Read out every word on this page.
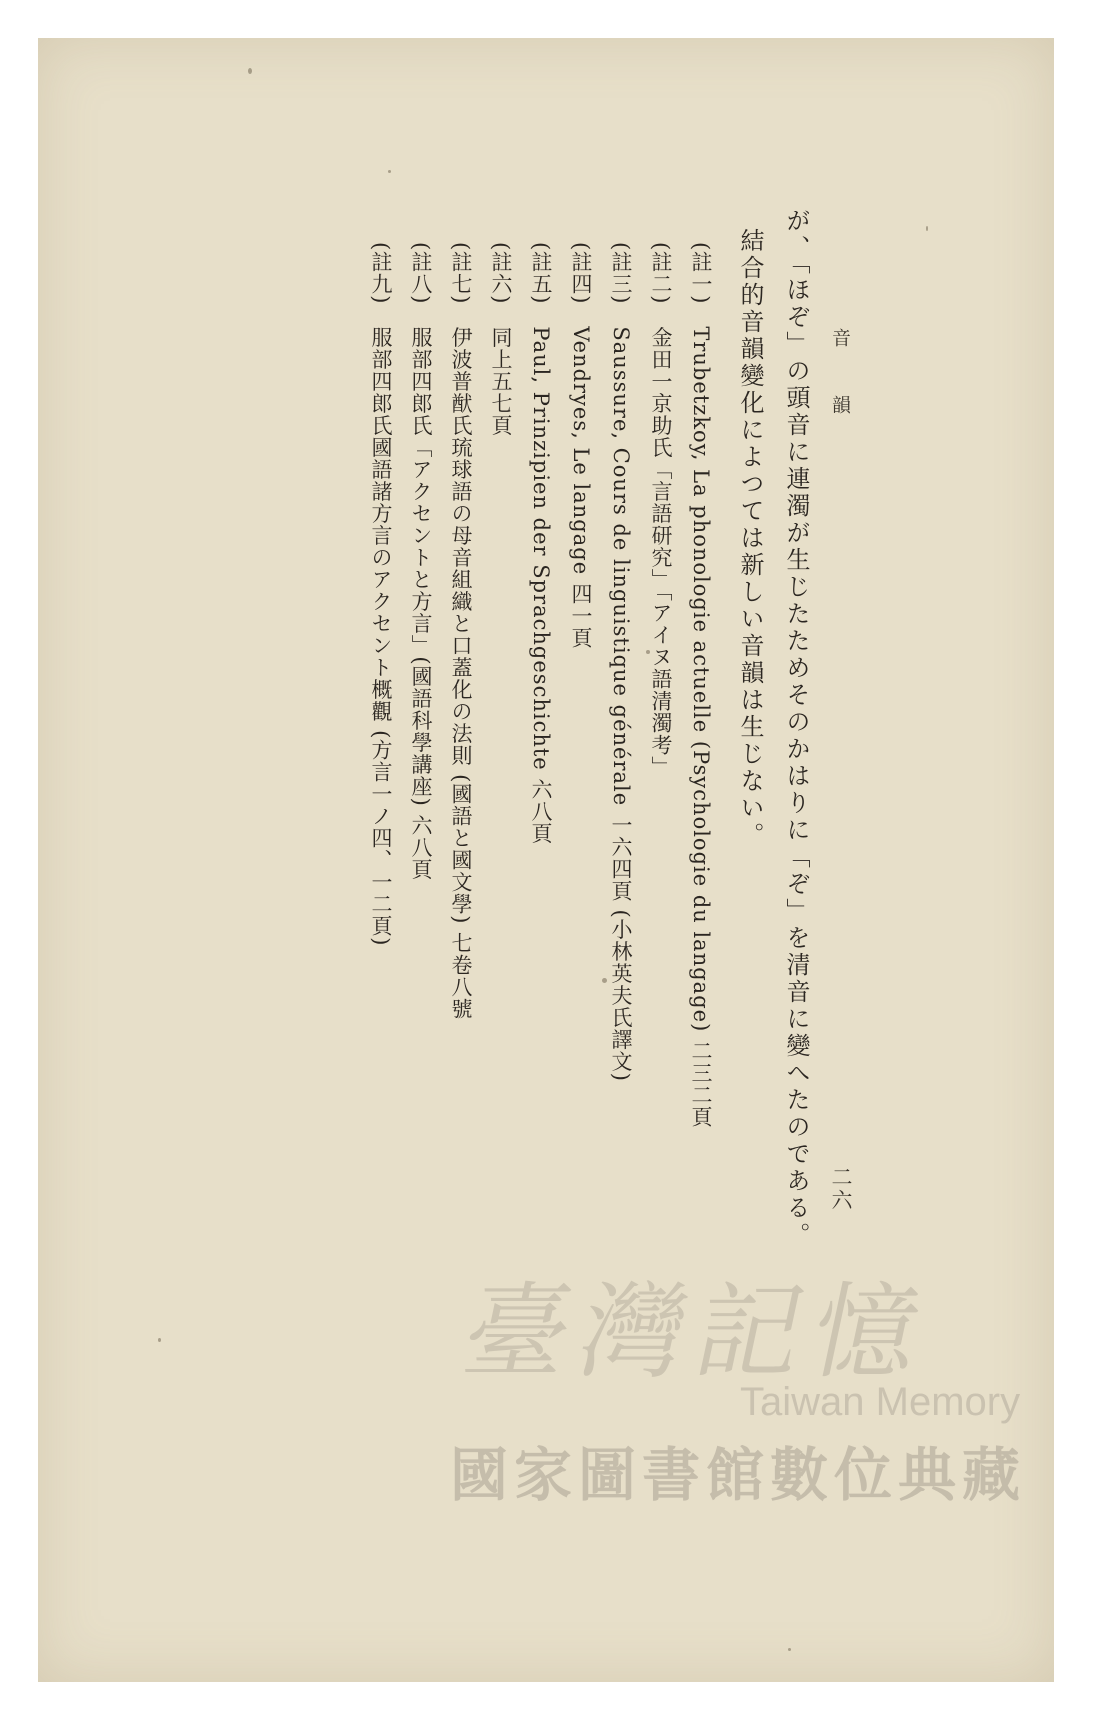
音韻
が、「ほぞ」の頭音に連濁が生じたためそのかはりに「ぞ」を清音に變へたのである。
結合的音韻變化によつては新しい音韻は生じない。
(註一)Trubetzkoy, La phonologie actuelle (Psychologie du langage) 二三二頁
(註二)金田一京助氏「言語研究」「アイヌ語清濁考」
(註三)Saussure, Cours de linguistique générale 一六四頁 (小林英夫氏譯文)
(註四)Vendryes, Le langage 四一頁
(註五)Paul, Prinzipien der Sprachgeschichte 六八頁
(註六)同上五七頁
(註七)伊波普猷氏琉球語の母音組織と口蓋化の法則 (國語と國文學) 七卷八號
(註八)服部四郎氏「アクセントと方言」(國語科學講座) 六八頁
(註九)服部四郎氏國語諸方言のアクセント概觀 (方言一ノ四、一二頁)
二六
臺灣記憶
Taiwan Memory
國家圖書館數位典藏
